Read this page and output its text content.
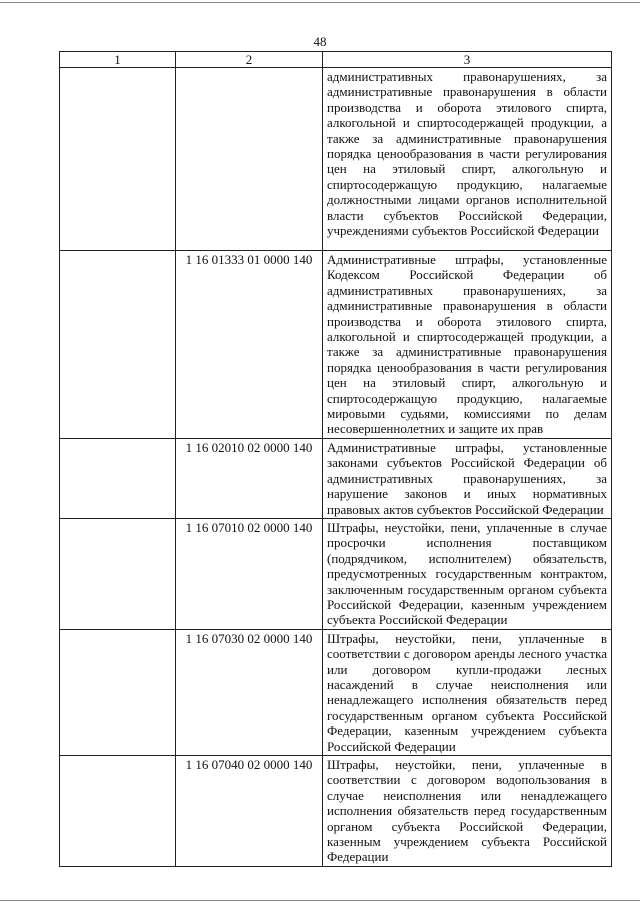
48
1	2	3
		административных правонарушениях, за административные правонарушения в области производства и оборота этилового спирта, алкогольной и спиртосодержащей продукции, а также за административные правонарушения порядка ценообразования в части регулирования цен на этиловый спирт, алкогольную и спиртосодержащую продукцию, налагаемые должностными лицами органов исполнительной власти субъектов Российской Федерации, учреждениями субъектов Российской Федерации
	1 16 01333 01 0000 140	Административные штрафы, установленные Кодексом Российской Федерации об административных правонарушениях, за административные правонарушения в области производства и оборота этилового спирта, алкогольной и спиртосодержащей продукции, а также за административные правонарушения порядка ценообразования в части регулирования цен на этиловый спирт, алкогольную и спиртосодержащую продукцию, налагаемые мировыми судьями, комиссиями по делам несовершеннолетних и защите их прав
	1 16 02010 02 0000 140	Административные штрафы, установленные законами субъектов Российской Федерации об административных правонарушениях, за нарушение законов и иных нормативных правовых актов субъектов Российской Федерации
	1 16 07010 02 0000 140	Штрафы, неустойки, пени, уплаченные в случае просрочки исполнения поставщиком (подрядчиком, исполнителем) обязательств, предусмотренных государственным контрактом, заключенным государственным органом субъекта Российской Федерации, казенным учреждением субъекта Российской Федерации
	1 16 07030 02 0000 140	Штрафы, неустойки, пени, уплаченные в соответствии с договором аренды лесного участка или договором купли-продажи лесных насаждений в случае неисполнения или ненадлежащего исполнения обязательств перед государственным органом субъекта Российской Федерации, казенным учреждением субъекта Российской Федерации
	1 16 07040 02 0000 140	Штрафы, неустойки, пени, уплаченные в соответствии с договором водопользования в случае неисполнения или ненадлежащего исполнения обязательств перед государственным органом субъекта Российской Федерации, казенным учреждением субъекта Российской Федерации
